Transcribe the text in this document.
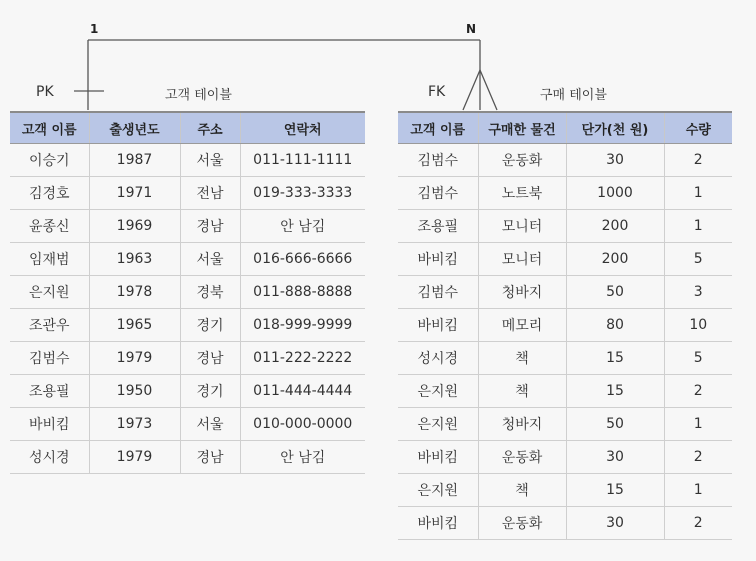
1	N
PK	고객 테이블	FK	구매 테이블
고객 이름	출생년도	주소	연락처
이승기	1987	서울	011-111-1111
김경호	1971	전남	019-333-3333
윤종신	1969	경남	안 남김
임재범	1963	서울	016-666-6666
은지원	1978	경북	011-888-8888
조관우	1965	경기	018-999-9999
김범수	1979	경남	011-222-2222
조용필	1950	경기	011-444-4444
바비킴	1973	서울	010-000-0000
성시경	1979	경남	안 남김
고객 이름	구매한 물건	단가(천 원)	수량
김범수	운동화	30	2
김범수	노트북	1000	1
조용필	모니터	200	1
바비킴	모니터	200	5
김범수	청바지	50	3
바비킴	메모리	80	10
성시경	책	15	5
은지원	책	15	2
은지원	청바지	50	1
바비킴	운동화	30	2
은지원	책	15	1
바비킴	운동화	30	2
